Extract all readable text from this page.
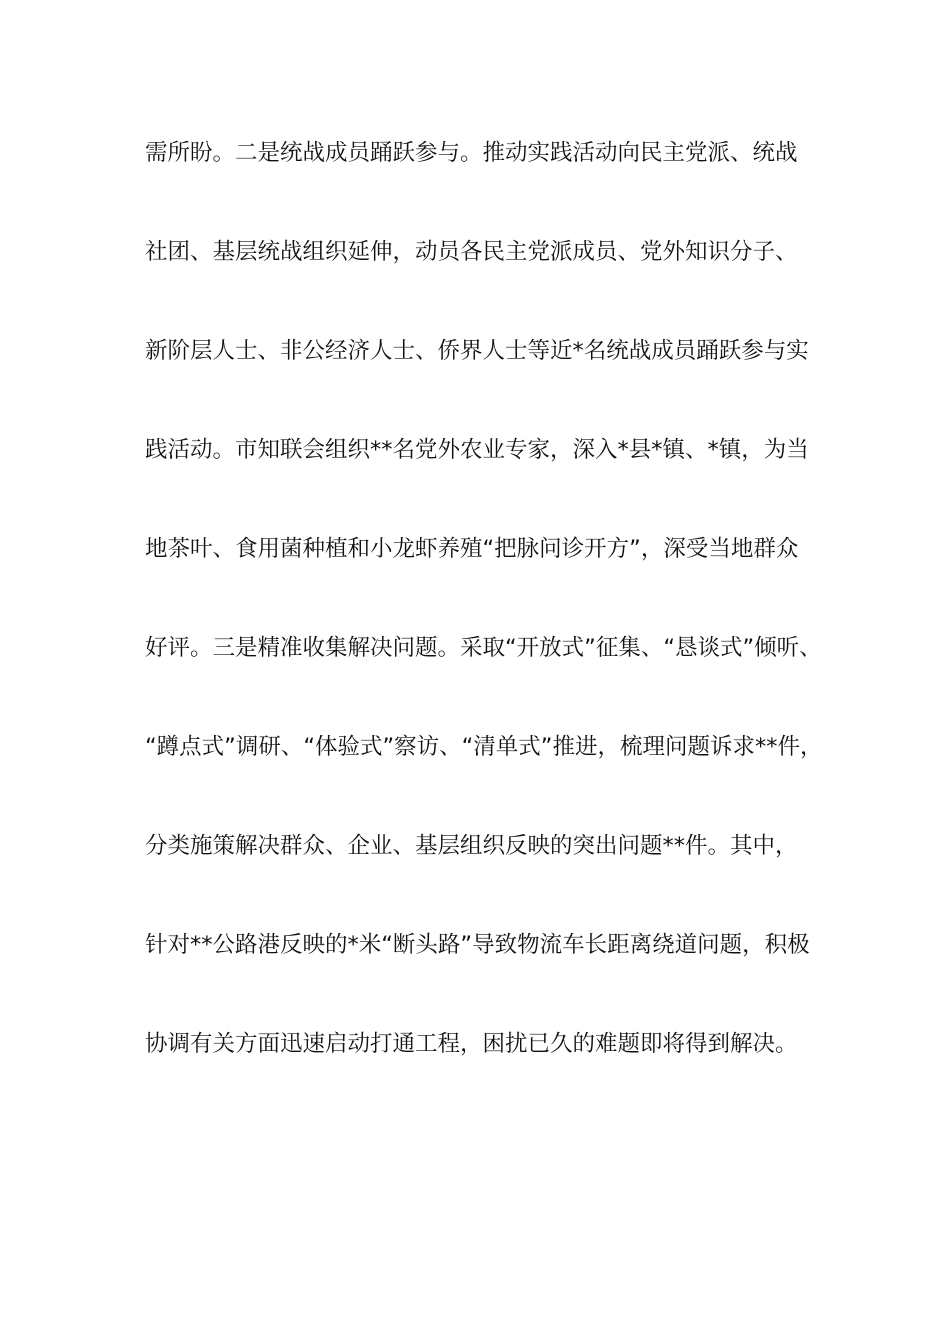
需所盼。二是统战成员踊跃参与。推动实践活动向民主党派、统战
社团、基层统战组织延伸，动员各民主党派成员、党外知识分子、
新阶层人士、非公经济人士、侨界人士等近*名统战成员踊跃参与实
践活动。市知联会组织**名党外农业专家，深入*县*镇、*镇，为当
地茶叶、食用菌种植和小龙虾养殖“把脉问诊开方”，深受当地群众
好评。三是精准收集解决问题。采取“开放式”征集、“恳谈式”倾听、
“蹲点式”调研、“体验式”察访、“清单式”推进，梳理问题诉求**件，
分类施策解决群众、企业、基层组织反映的突出问题**件。其中，
针对**公路港反映的*米“断头路”导致物流车长距离绕道问题，积极
协调有关方面迅速启动打通工程，困扰已久的难题即将得到解决。
